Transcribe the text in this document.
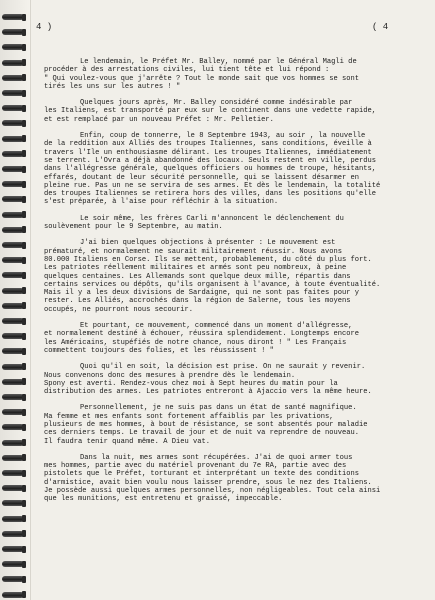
4 )	( 4
Le lendemain, le Préfet Mr. Balley, nommé par le Général Magli de
procéder à des arrestations civiles, lui tient tête et lui répond :
" Qui voulez-vous que j'arrête ? Tout le monde sait que vos hommes se sont
tirés les uns sur les autres ! "
Quelques jours après, Mr. Balley considéré comme indésirable par
les Italiens, est transporté par eux sur le continent dans une vedette rapide,
et est remplacé par un nouveau Préfet : Mr. Pelletier.
Enfin, coup de tonnerre, le 8 Septembre 1943, au soir , la nouvelle
de la reddition aux Alliés des troupes Italiennes, sans conditions, éveille à
travers l'Ile un enthousiasme délirant. Les troupes Italiennes, immédiatement
se terrent. L'Ovra a déjà abandonné des locaux. Seuls restent en ville, perdus
dans l'allégresse générale, quelques officiers ou hommes de troupe, hésitants,
effarés, doutant de leur sécurité personnelle, qui se laissent désarmer en
pleine rue. Pas un ne se servira de ses armes. Et dès le lendemain, la totalité
des troupes Italiennes se retirera hors des villes, dans les positions qu'elle
s'est préparée, à l'aise pour réfléchir à la situation.
Le soir même, les frères Carli m'annoncent le déclenchement du
soulèvement pour le 9 Septembre, au matin.
J'ai bien quelques objections à présenter : Le mouvement est
prématuré, et normalement ne saurait militairement réussir. Nous avons
80.000 Italiens en Corse. Ils se mettent, probablement, du côté du plus fort.
Les patriotes réellement militaires et armés sont peu nombreux, à peine
quelques centaines. Les Allemands sont quelque deux mille, répartis dans
certains services ou dépôts, qu'ils organisent à l'avance, à toute éventualité.
Mais il y a les deux divisions de Sardaigne, qui ne sont pas faites pour y
rester. Les Alliés, accrochés dans la région de Salerne, tous les moyens
occupés, ne pourront nous secourir.
Et pourtant, ce mouvement, commencé dans un moment d'allégresse,
et normalement destiné à échouer, réussira splendidement. Longtemps encore
les Américains, stupéfiés de notre chance, nous diront ! " Les Français
commettent toujours des folies, et les réussissent ! "
Quoi qu'il en soit, la décision est prise. On ne saurait y revenir.
Nous convenons donc des mesures à prendre dès le lendemain.
Spony est averti. Rendez-vous chez moi à Sept heures du matin pour la
distribution des armes. Les patriotes entreront à Ajaccio vers la même heure.
Personnellement, je ne suis pas dans un état de santé magnifique.
Ma femme et mes enfants sont fortement affaiblis par les privations,
plusieurs de mes hommes, à bout de résistance, se sont absentés pour maladie
ces derniers temps. Le travail de jour et de nuit va reprendre de nouveau.
Il faudra tenir quand même. A Dieu vat.
Dans la nuit, mes armes sont récupérées. J'ai de quoi armer tous
mes hommes, partie avec du matériel provenant du 7e RA, partie avec des
pistolets que le Préfet, torturant et interprétant un texte des conditions
d'armistice, avait bien voulu nous laisser prendre, sous le nez des Italiens.
Je possède aussi quelques armes personnelles, non négligeables. Tout cela ainsi
que les munitions, est entretenu et graissé, impeccable.
